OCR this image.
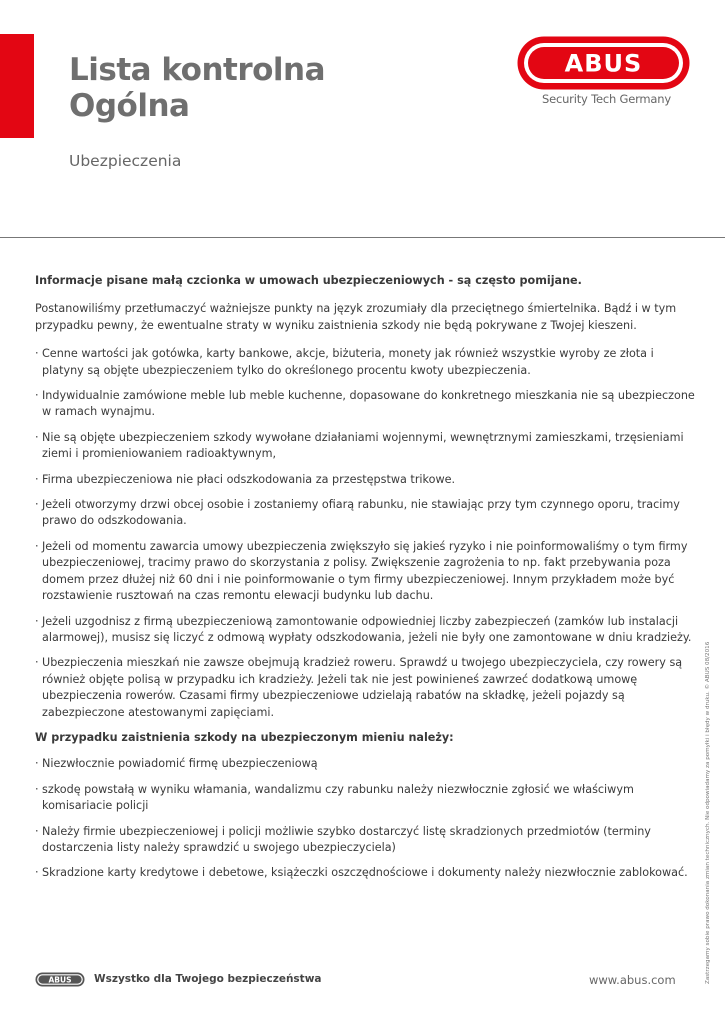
Lista kontrolna
Ogólna
Ubezpieczenia
ABUS
Security Tech Germany

Informacje pisane małą czcionka w umowach ubezpieczeniowych - są często pomijane.

Postanowiliśmy przetłumaczyć ważniejsze punkty na język zrozumiały dla przeciętnego śmiertelnika. Bądź i w tym przypadku pewny, że ewentualne straty w wyniku zaistnienia szkody nie będą pokrywane z Twojej kieszeni.

· Cenne wartości jak gotówka, karty bankowe, akcje, biżuteria, monety jak również wszystkie wyroby ze złota i platyny są objęte ubezpieczeniem tylko do określonego procentu kwoty ubezpieczenia.
· Indywidualnie zamówione meble lub meble kuchenne, dopasowane do konkretnego mieszkania nie są ubezpieczone w ramach wynajmu.
· Nie są objęte ubezpieczeniem szkody wywołane działaniami wojennymi, wewnętrznymi zamieszkami, trzęsieniami ziemi i promieniowaniem radioaktywnym,
· Firma ubezpieczeniowa nie płaci odszkodowania za przestępstwa trikowe.
· Jeżeli otworzymy drzwi obcej osobie i zostaniemy ofiarą rabunku, nie stawiając przy tym czynnego oporu, tracimy prawo do odszkodowania.
· Jeżeli od momentu zawarcia umowy ubezpieczenia zwiększyło się jakieś ryzyko i nie poinformowaliśmy o tym firmy ubezpieczeniowej, tracimy prawo do skorzystania z polisy. Zwiększenie zagrożenia to np. fakt przebywania poza domem przez dłużej niż 60 dni i nie poinformowanie o tym firmy ubezpieczeniowej. Innym przykładem może być rozstawienie rusztowań na czas remontu elewacji budynku lub dachu.
· Jeżeli uzgodnisz z firmą ubezpieczeniową zamontowanie odpowiedniej liczby zabezpieczeń (zamków lub instalacji alarmowej), musisz się liczyć z odmową wypłaty odszkodowania, jeżeli nie były one zamontowane w dniu kradzieży.
· Ubezpieczenia mieszkań nie zawsze obejmują kradzież roweru. Sprawdź u twojego ubezpieczyciela, czy rowery są również objęte polisą w przypadku ich kradzieży. Jeżeli tak nie jest powinieneś zawrzeć dodatkową umowę ubezpieczenia rowerów. Czasami firmy ubezpieczeniowe udzielają rabatów na składkę, jeżeli pojazdy są zabezpieczone atestowanymi zapięciami.

W przypadku zaistnienia szkody na ubezpieczonym mieniu należy:

· Niezwłocznie powiadomić firmę ubezpieczeniową
· szkodę powstałą w wyniku włamania, wandalizmu czy rabunku należy niezwłocznie zgłosić we właściwym komisariacie policji
· Należy firmie ubezpieczeniowej i policji możliwie szybko dostarczyć listę skradzionych przedmiotów (terminy dostarczenia listy należy sprawdzić u swojego ubezpieczyciela)
· Skradzione karty kredytowe i debetowe, książeczki oszczędnościowe i dokumenty należy niezwłocznie zablokować.	Zastrzegamy sobie prawo dokonania zmian technicznych. Nie odpowiadamy za pomyłki i błędy w druku. © ABUS 08/2016
ABUS Wszystko dla Twojego bezpieczeństwa	www.abus.com
